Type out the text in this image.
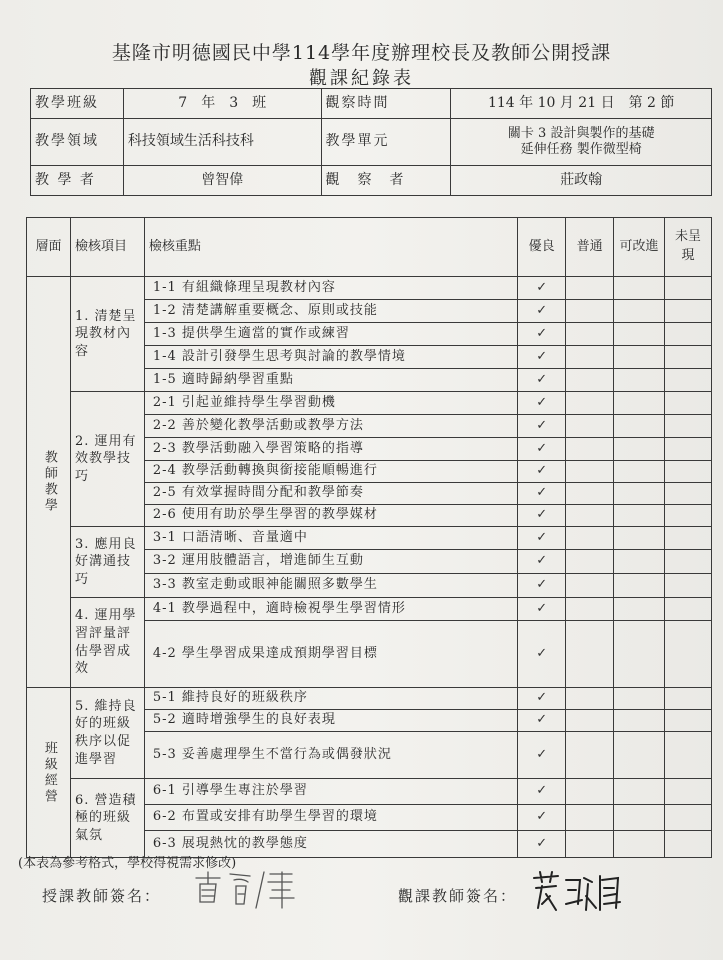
基隆市明德國民中學114學年度辦理校長及教師公開授課
觀課紀錄表
教學班級	7　年　3　班	觀察時間	114 年 10 月 21 日　第 2 節
教學領域	科技領域生活科技科	教學單元	關卡 3 設計與製作的基礎
延伸任務 製作微型椅

教 學 者	曾智偉	觀　察　者	莊政翰
層面	檢核項目	檢核重點	優良	普通	可改進	未呈現
教師教學	1. 清楚呈現教材內容	1-1 有組織條理呈現教材內容	✓			
		1-2 清楚講解重要概念、原則或技能	✓			
		1-3 提供學生適當的實作或練習	✓			
		1-4 設計引發學生思考與討論的教學情境	✓			
		1-5 適時歸納學習重點	✓			
	2. 運用有效教學技巧	2-1 引起並維持學生學習動機	✓			
		2-2 善於變化教學活動或教學方法	✓			
		2-3 教學活動融入學習策略的指導	✓			
		2-4 教學活動轉換與銜接能順暢進行	✓			
		2-5 有效掌握時間分配和教學節奏	✓			
		2-6 使用有助於學生學習的教學媒材	✓			
	3. 應用良好溝通技巧	3-1 口語清晰、音量適中	✓			
		3-2 運用肢體語言，增進師生互動	✓			
		3-3 教室走動或眼神能關照多數學生	✓			
	4. 運用學習評量評估學習成效	4-1 教學過程中，適時檢視學生學習情形	✓			
		4-2 學生學習成果達成預期學習目標	✓			
班級經營	5. 維持良好的班級秩序以促進學習	5-1 維持良好的班級秩序	✓			
		5-2 適時增強學生的良好表現	✓			
		5-3 妥善處理學生不當行為或偶發狀況	✓			
	6. 營造積極的班級氣氛	6-1 引導學生專注於學習	✓			
		6-2 布置或安排有助學生學習的環境	✓			
		6-3 展現熱忱的教學態度	✓			
(本表為參考格式，學校得視需求修改)
授課教師簽名：	觀課教師簽名：
